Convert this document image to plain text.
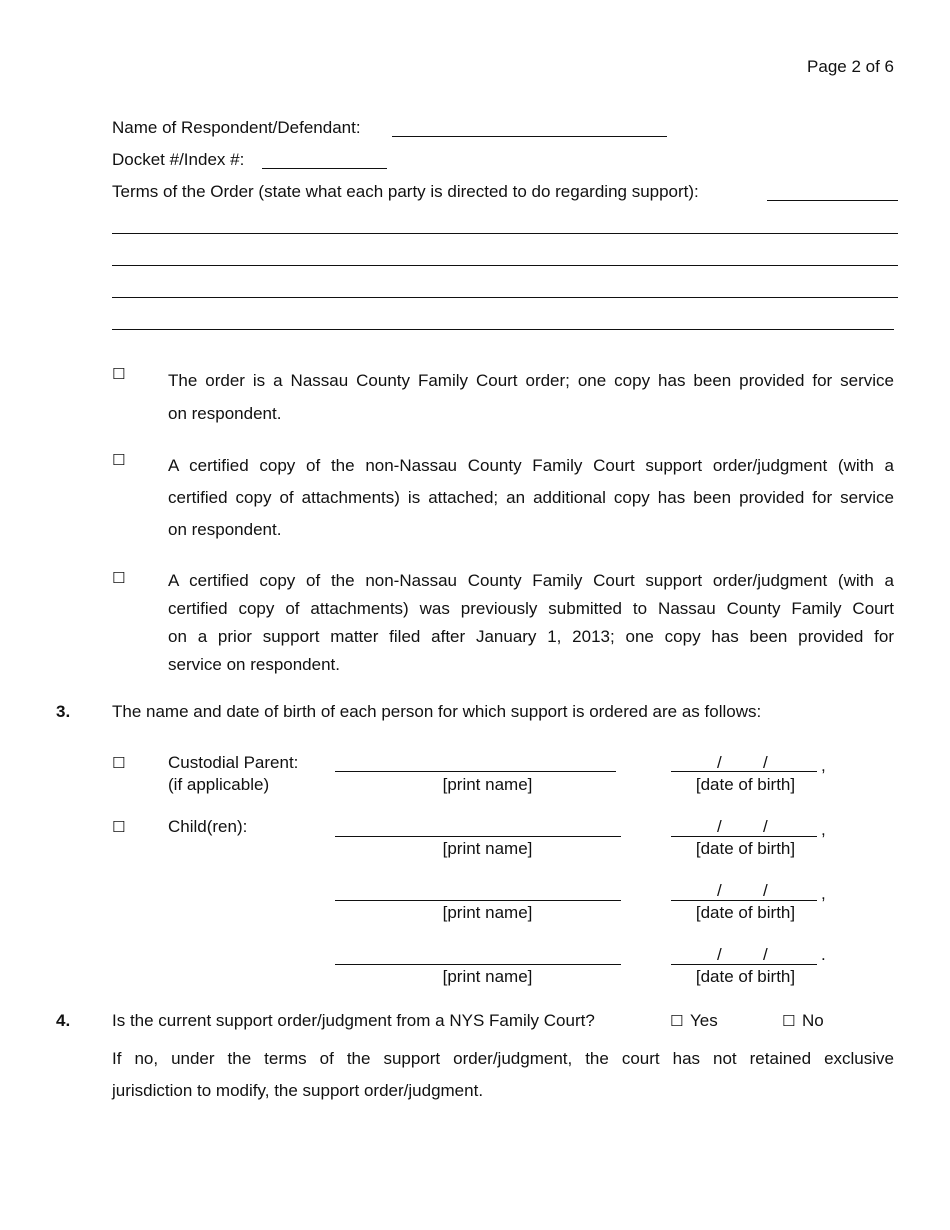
Page 2 of 6
Name of Respondent/Defendant:
Docket #/Index #:
Terms of the Order (state what each party is directed to do regarding support):
☐	The order is a Nassau County Family Court order; one copy has been provided for service
on respondent.
☐	A certified copy of the non-Nassau County Family Court support order/judgment (with a
certified copy of attachments) is attached; an additional copy has been provided for service
on respondent.
☐	A certified copy of the non-Nassau County Family Court support order/judgment (with a
certified copy of attachments) was previously submitted to Nassau County Family Court
on a prior support matter filed after January 1, 2013; one copy has been provided for
service on respondent.
3. The name and date of birth of each person for which support is ordered are as follows:
☐	Custodial Parent:
(if applicable)	[print name]
/ /	,
[date of birth]
☐	Child(ren):
[print name]
/ /	,
[date of birth]
[print name]
/ /	,
[date of birth]
[print name]
/ /	.
[date of birth]
4. Is the current support order/judgment from a NYS Family Court?	☐ Yes	☐ No
If no, under the terms of the support order/judgment, the court has not retained exclusive
jurisdiction to modify, the support order/judgment.
